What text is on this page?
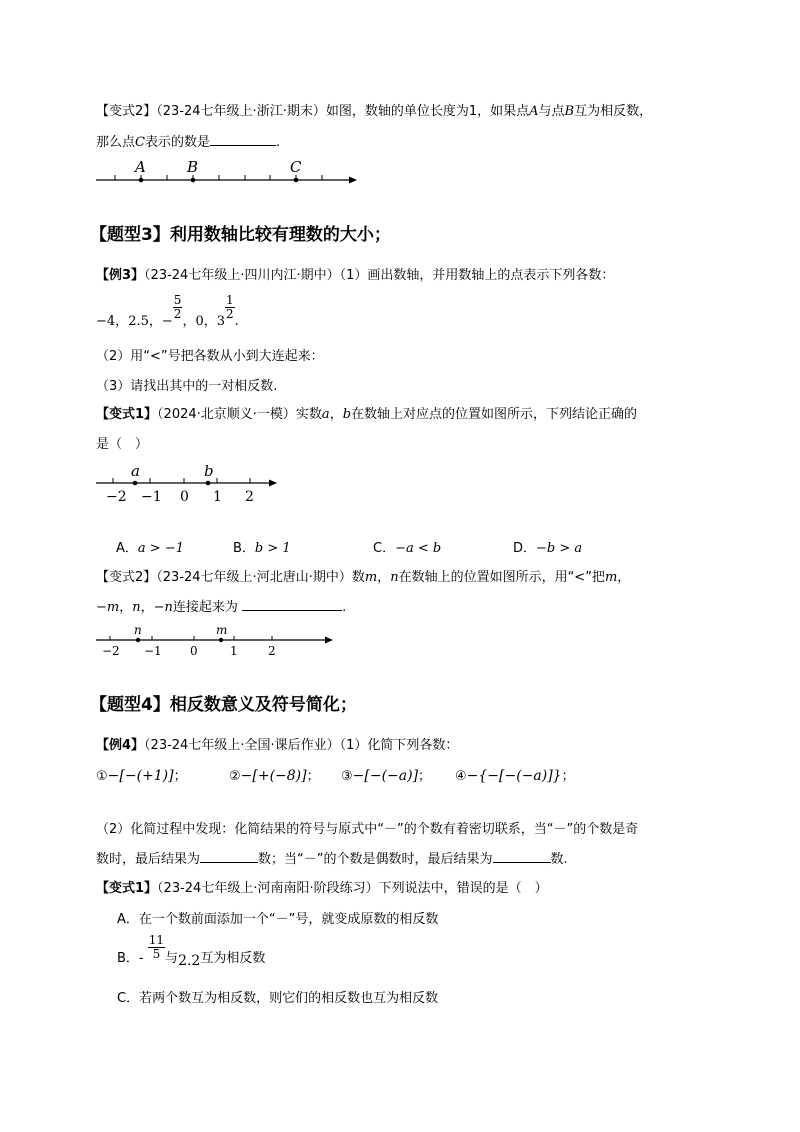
【变式2】（23-24七年级上·浙江·期末）如图，数轴的单位长度为1，如果点A与点B互为相反数，
那么点C表示的数是	.
A	B	C
【题型3】利用数轴比较有理数的大小；
【例3】（23-24七年级上·四川内江·期中）（1）画出数轴，并用数轴上的点表示下列各数：
−4，2.5，−
$\frac{5}{2}$
，0，3
$\frac{1}{2}$
.
（2）用“<”号把各数从小到大连起来：
（3）请找出其中的一对相反数.
【变式1】（2024·北京顺义·一模）实数a，b在数轴上对应点的位置如图所示，下列结论正确的
是（　）
a	b
−2 −1 0 1 2
A．a > −1	B．b > 1	C．−a < b	D．−b > a
【变式2】（23-24七年级上·河北唐山·期中）数m，n在数轴上的位置如图所示，用“<”把m，
−m，n，−n连接起来为	.
n	m
−2 −1 0	1	2
【题型4】相反数意义及符号简化；
【例4】（23-24七年级上·全国·课后作业）（1）化简下列各数：
①−[−(+1)]；	②−[+(−8)]； ③−[−(−a)]； ④−{−[−(−a)]}；
（2）化简过程中发现：化简结果的符号与原式中“－”的个数有着密切联系，当“－”的个数是奇
数时，最后结果为	数；当“－”的个数是偶数时，最后结果为	数.
【变式1】（23-24七年级上·河南南阳·阶段练习）下列说法中，错误的是（　）
A．在一个数前面添加一个“－”号，就变成原数的相反数
B．- $\frac{11}{5}$ 与2.2互为相反数
C．若两个数互为相反数，则它们的相反数也互为相反数
